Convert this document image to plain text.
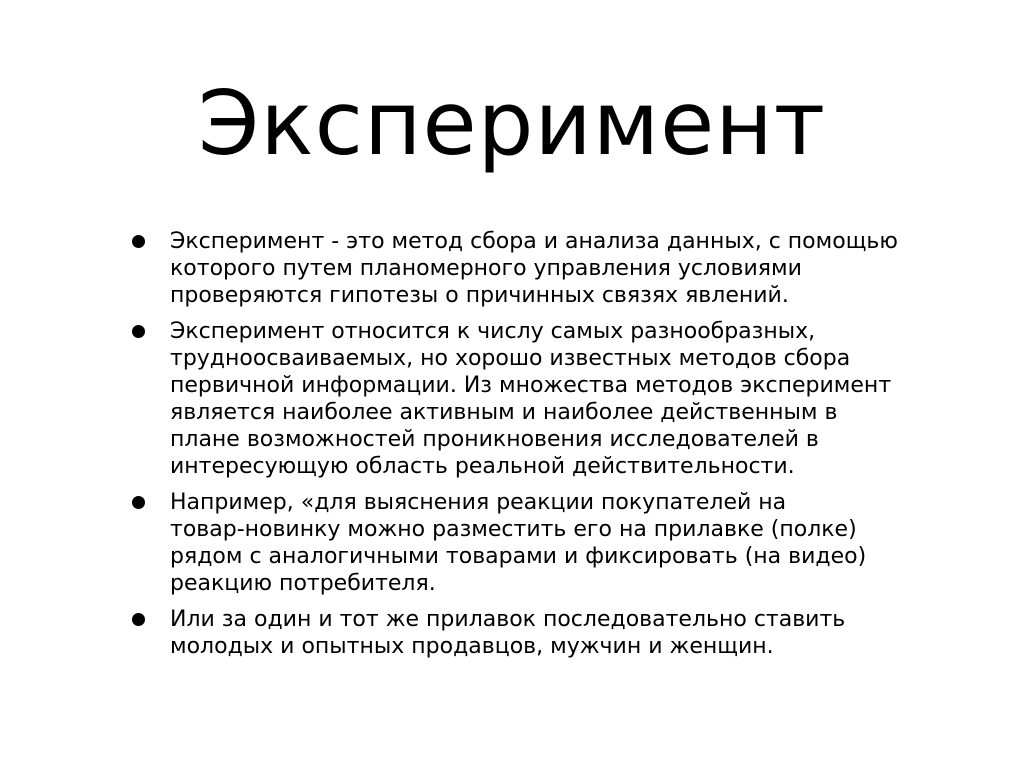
Эксперимент
Эксперимент - это метод сбора и анализа данных, с помощью
которого путем планомерного управления условиями
проверяются гипотезы о причинных связях явлений.
Эксперимент относится к числу самых разнообразных,
трудноосваиваемых, но хорошо известных методов сбора
первичной информации. Из множества методов эксперимент
является наиболее активным и наиболее действенным в
плане возможностей проникновения исследователей в
интересующую область реальной действительности.
Например, «для выяснения реакции покупателей на
товар-новинку можно разместить его на прилавке (полке)
рядом с аналогичными товарами и фиксировать (на видео)
реакцию потребителя.
Или за один и тот же прилавок последовательно ставить
молодых и опытных продавцов, мужчин и женщин.
